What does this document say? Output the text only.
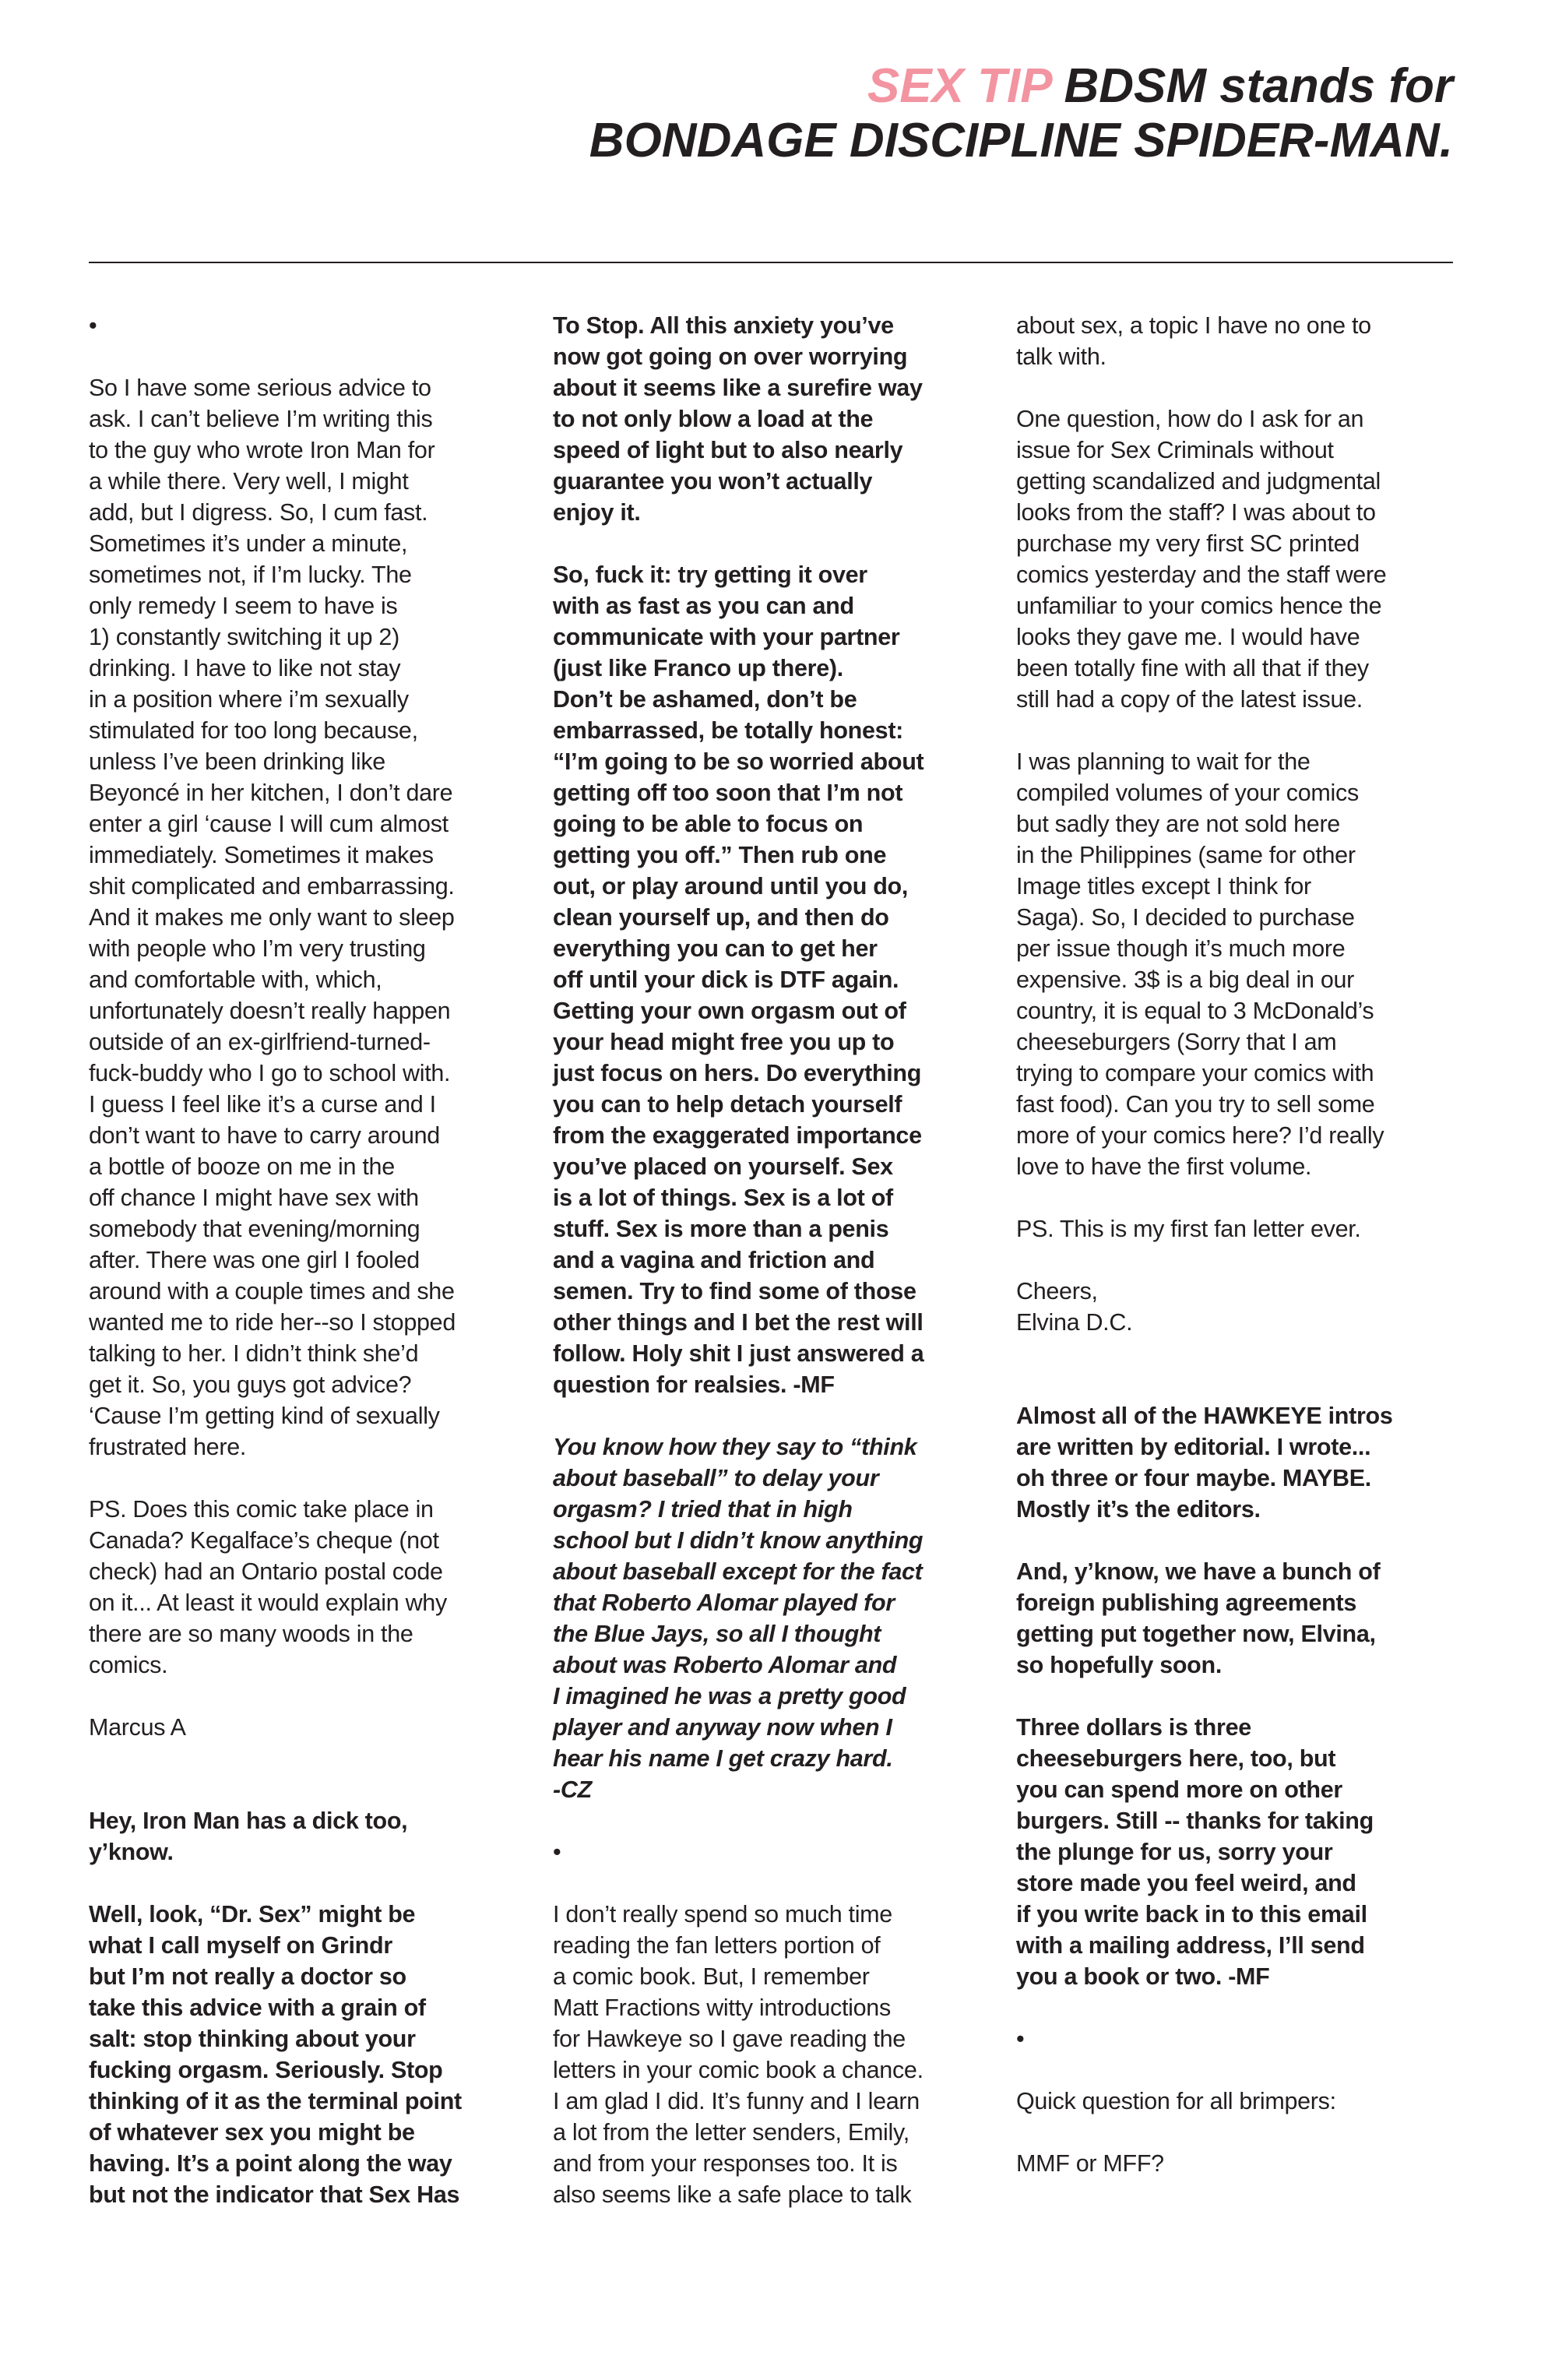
SEX TIP BDSM stands for
BONDAGE DISCIPLINE SPIDER-MAN.

•

So I have some serious advice to
ask. I can’t believe I’m writing this
to the guy who wrote Iron Man for
a while there. Very well, I might
add, but I digress. So, I cum fast.
Sometimes it’s under a minute,
sometimes not, if I’m lucky. The
only remedy I seem to have is
1) constantly switching it up 2)
drinking. I have to like not stay
in a position where i’m sexually
stimulated for too long because,
unless I’ve been drinking like
Beyoncé in her kitchen, I don’t dare
enter a girl ‘cause I will cum almost
immediately. Sometimes it makes
shit complicated and embarrassing.
And it makes me only want to sleep
with people who I’m very trusting
and comfortable with, which,
unfortunately doesn’t really happen
outside of an ex-girlfriend-turned-
fuck-buddy who I go to school with.
I guess I feel like it’s a curse and I
don’t want to have to carry around
a bottle of booze on me in the
off chance I might have sex with
somebody that evening/morning
after. There was one girl I fooled
around with a couple times and she
wanted me to ride her--so I stopped
talking to her. I didn’t think she’d
get it. So, you guys got advice?
‘Cause I’m getting kind of sexually
frustrated here.

PS. Does this comic take place in
Canada? Kegalface’s cheque (not
check) had an Ontario postal code
on it... At least it would explain why
there are so many woods in the
comics.

Marcus A

Hey, Iron Man has a dick too,
y’know.

Well, look, “Dr. Sex” might be
what I call myself on Grindr
but I’m not really a doctor so
take this advice with a grain of
salt: stop thinking about your
fucking orgasm. Seriously. Stop
thinking of it as the terminal point
of whatever sex you might be
having. It’s a point along the way
but not the indicator that Sex Has

To Stop. All this anxiety you’ve
now got going on over worrying
about it seems like a surefire way
to not only blow a load at the
speed of light but to also nearly
guarantee you won’t actually
enjoy it.

So, fuck it: try getting it over
with as fast as you can and
communicate with your partner
(just like Franco up there).
Don’t be ashamed, don’t be
embarrassed, be totally honest:
“I’m going to be so worried about
getting off too soon that I’m not
going to be able to focus on
getting you off.” Then rub one
out, or play around until you do,
clean yourself up, and then do
everything you can to get her
off until your dick is DTF again.
Getting your own orgasm out of
your head might free you up to
just focus on hers. Do everything
you can to help detach yourself
from the exaggerated importance
you’ve placed on yourself. Sex
is a lot of things. Sex is a lot of
stuff. Sex is more than a penis
and a vagina and friction and
semen. Try to find some of those
other things and I bet the rest will
follow. Holy shit I just answered a
question for realsies. -MF

You know how they say to “think
about baseball” to delay your
orgasm? I tried that in high
school but I didn’t know anything
about baseball except for the fact
that Roberto Alomar played for
the Blue Jays, so all I thought
about was Roberto Alomar and
I imagined he was a pretty good
player and anyway now when I
hear his name I get crazy hard.
-CZ

•

I don’t really spend so much time
reading the fan letters portion of
a comic book. But, I remember
Matt Fractions witty introductions
for Hawkeye so I gave reading the
letters in your comic book a chance.
I am glad I did. It’s funny and I learn
a lot from the letter senders, Emily,
and from your responses too. It is
also seems like a safe place to talk

about sex, a topic I have no one to
talk with.

One question, how do I ask for an
issue for Sex Criminals without
getting scandalized and judgmental
looks from the staff? I was about to
purchase my very first SC printed
comics yesterday and the staff were
unfamiliar to your comics hence the
looks they gave me. I would have
been totally fine with all that if they
still had a copy of the latest issue.

I was planning to wait for the
compiled volumes of your comics
but sadly they are not sold here
in the Philippines (same for other
Image titles except I think for
Saga). So, I decided to purchase
per issue though it’s much more
expensive. 3$ is a big deal in our
country, it is equal to 3 McDonald’s
cheeseburgers (Sorry that I am
trying to compare your comics with
fast food). Can you try to sell some
more of your comics here? I’d really
love to have the first volume.

PS. This is my first fan letter ever.

Cheers,
Elvina D.C.

Almost all of the HAWKEYE intros
are written by editorial. I wrote...
oh three or four maybe. MAYBE.
Mostly it’s the editors.

And, y’know, we have a bunch of
foreign publishing agreements
getting put together now, Elvina,
so hopefully soon.

Three dollars is three
cheeseburgers here, too, but
you can spend more on other
burgers. Still -- thanks for taking
the plunge for us, sorry your
store made you feel weird, and
if you write back in to this email
with a mailing address, I’ll send
you a book or two. -MF

•

Quick question for all brimpers:

MMF or MFF?
